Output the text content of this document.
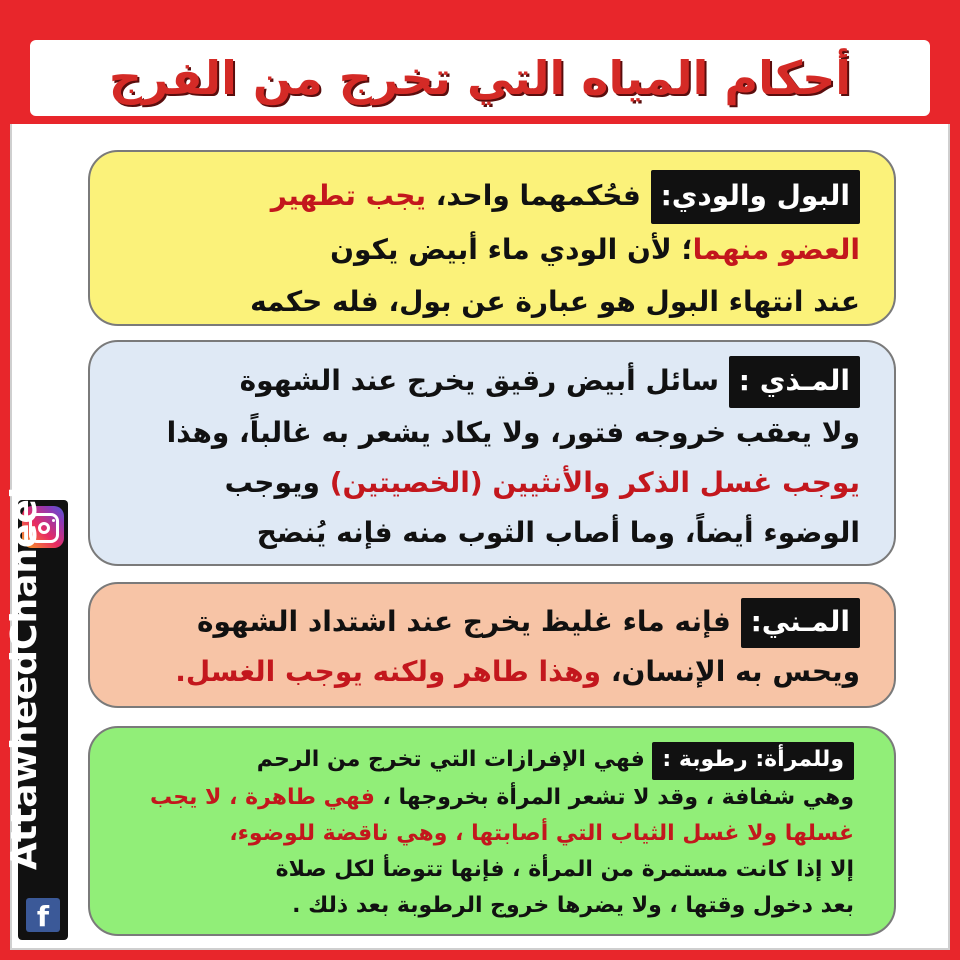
أحكام المياه التي تخرج من الفرج
البول والودي: فحُكمهما واحد، يجب تطهير
العضو منهما؛ لأن الودي ماء أبيض يكون
عند انتهاء البول هو عبارة عن بول، فله حكمه
المـذي : سائل أبيض رقيق يخرج عند الشهوة
ولا يعقب خروجه فتور، ولا يكاد يشعر به غالباً، وهذا
يوجب غسل الذكر والأنثيين (الخصيتين) ويوجب
الوضوء أيضاً، وما أصاب الثوب منه فإنه يُنضح
المـني: فإنه ماء غليظ يخرج عند اشتداد الشهوة
ويحس به الإنسان، وهذا طاهر ولكنه يوجب الغسل.
وللمرأة: رطوبة : فهي الإفرازات التي تخرج من الرحم
وهي شفافة ، وقد لا تشعر المرأة بخروجها ، فهي طاهرة ، لا يجب
غسلها ولا غسل الثياب التي أصابتها ، وهي ناقضة للوضوء،
إلا إذا كانت مستمرة من المرأة ، فإنها تتوضأ لكل صلاة
بعد دخول وقتها ، ولا يضرها خروج الرطوبة بعد ذلك .
f
AttawheedChaneel
